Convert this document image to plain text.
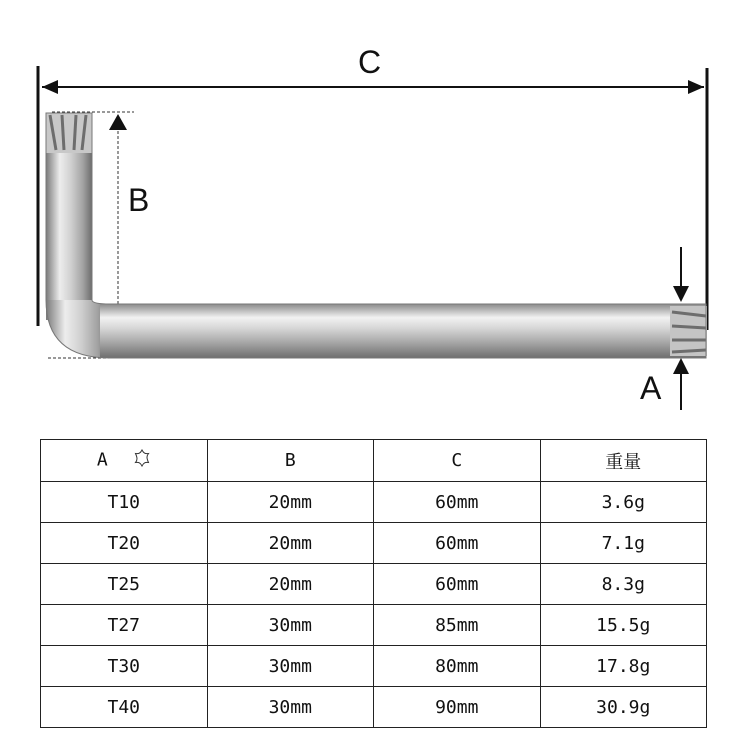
C
B
A
A	B	C	重量
T10	20mm	60mm	3.6g
T20	20mm	60mm	7.1g
T25	20mm	60mm	8.3g
T27	30mm	85mm	15.5g
T30	30mm	80mm	17.8g
T40	30mm	90mm	30.9g
